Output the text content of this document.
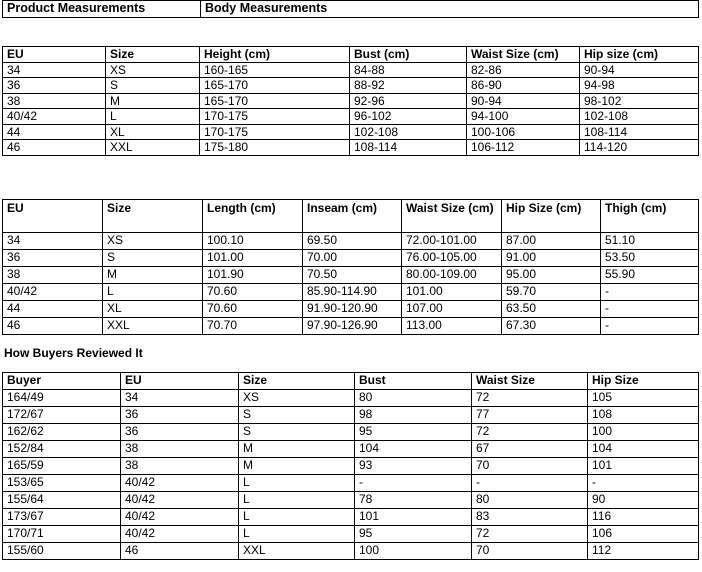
Product Measurements	Body Measurements
EU	Size	Height (cm)	Bust (cm)	Waist Size (cm)	Hip size (cm)
34	XS	160-165	84-88	82-86	90-94
36	S	165-170	88-92	86-90	94-98
38	M	165-170	92-96	90-94	98-102
40/42	L	170-175	96-102	94-100	102-108
44	XL	170-175	102-108	100-106	108-114
46	XXL	175-180	108-114	106-112	114-120
EU	Size	Length (cm)	Inseam (cm)	Waist Size (cm)	Hip Size (cm)	Thigh (cm)
34	XS	100.10	69.50	72.00-101.00	87.00	51.10
36	S	101.00	70.00	76.00-105.00	91.00	53.50
38	M	101.90	70.50	80.00-109.00	95.00	55.90
40/42	L	70.60	85.90-114.90	101.00	59.70	-
44	XL	70.60	91.90-120.90	107.00	63.50	-
46	XXL	70.70	97.90-126.90	113.00	67.30	-
How Buyers Reviewed It
Buyer	EU	Size	Bust	Waist Size	Hip Size
164/49	34	XS	80	72	105
172/67	36	S	98	77	108
162/62	36	S	95	72	100
152/84	38	M	104	67	104
165/59	38	M	93	70	101
153/65	40/42	L	-	-	-
155/64	40/42	L	78	80	90
173/67	40/42	L	101	83	116
170/71	40/42	L	95	72	106
155/60	46	XXL	100	70	112
